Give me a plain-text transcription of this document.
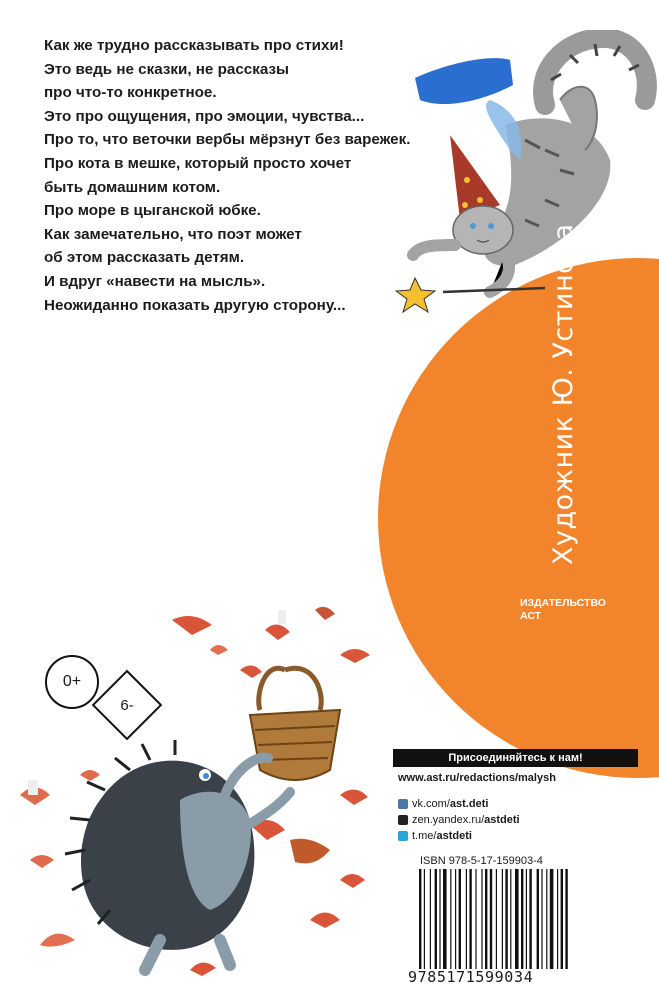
Как же трудно рассказывать про стихи!
Это ведь не сказки, не рассказы
про что-то конкретное.
Это про ощущения, про эмоции, чувства...
Про то, что веточки вербы мёрзнут без варежек.
Про кота в мешке, который просто хочет
быть домашним котом.
Про море в цыганской юбке.
Как замечательно, что поэт может
об этом рассказать детям.
И вдруг «навести на мысль».
Неожиданно показать другую сторону...	Художник Ю. Устинова
ИЗДАТЕЛЬСТВО
АСТ
0+
6-
Присоединяйтесь к нам!
www.ast.ru/redactions/malysh
vk.com/ ast.deti
zen.yandex.ru/ astdeti
t.me/ astdeti
ISBN 978-5-17-159903-4
9785171599034
